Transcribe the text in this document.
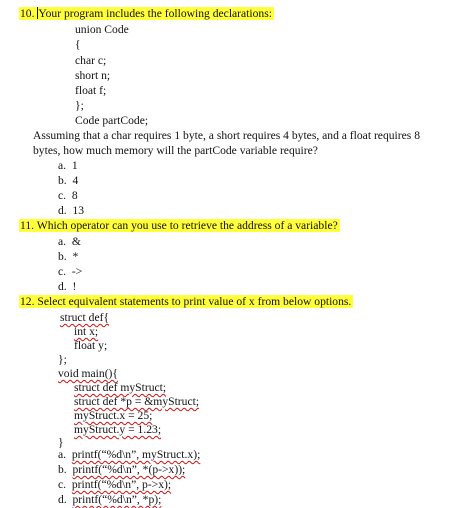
10. Your program includes the following declarations:
union Code
{
char c;
short n;
float f;
};
Code partCode;
Assuming that a char requires 1 byte, a short requires 4 bytes, and a float requires 8
bytes, how much memory will the partCode variable require?
a. 1
b. 4
c. 8
d. 13
11. Which operator can you use to retrieve the address of a variable?
a. &
b. *
c. ->
d. !
12. Select equivalent statements to print value of x from below options.
struct def{
int x;
float y;
};
void main(){
struct def myStruct;
struct def *p = &myStruct;
myStruct.x = 25;
myStruct.y = 1.23;
}
a. printf(“%d\n”, myStruct.x);
b. printf(“%d\n”, *(p->x));
c. printf(“%d\n”, p->x);
d. printf(“%d\n”, *p);
